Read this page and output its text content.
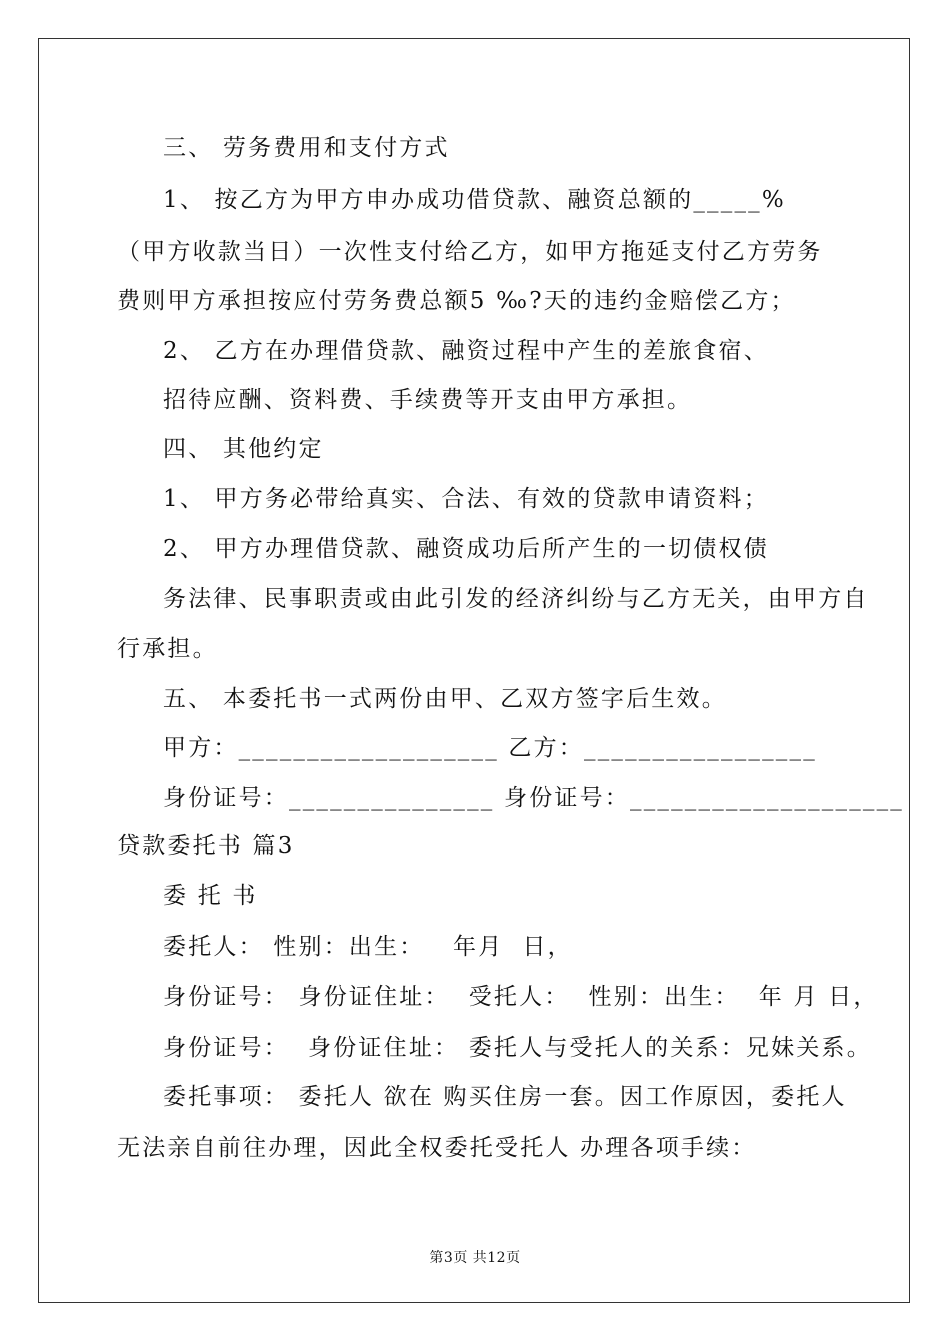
三、 劳务费用和支付方式
1、 按乙方为甲方申办成功借贷款、融资总额的_____%
（甲方收款当日）一次性支付给乙方，如甲方拖延支付乙方劳务
费则甲方承担按应付劳务费总额5 ‰?天的违约金赔偿乙方；
2、 乙方在办理借贷款、融资过程中产生的差旅食宿、
招待应酬、资料费、手续费等开支由甲方承担。
四、 其他约定
1、 甲方务必带给真实、合法、有效的贷款申请资料；
2、 甲方办理借贷款、融资成功后所产生的一切债权债
务法律、民事职责或由此引发的经济纠纷与乙方无关，由甲方自
行承担。
五、 本委托书一式两份由甲、乙双方签字后生效。
甲方：___________________ 乙方：_________________
身份证号：_______________ 身份证号：____________________
贷款委托书 篇3
委 托 书
委托人： 性别：出生：   年月  日，
身份证号： 身份证住址：  受托人：  性别：出生：  年 月 日，
身份证号：  身份证住址： 委托人与受托人的关系：兄妹关系。
委托事项： 委托人 欲在 购买住房一套。因工作原因，委托人
无法亲自前往办理，因此全权委托受托人 办理各项手续：
第3页 共12页
